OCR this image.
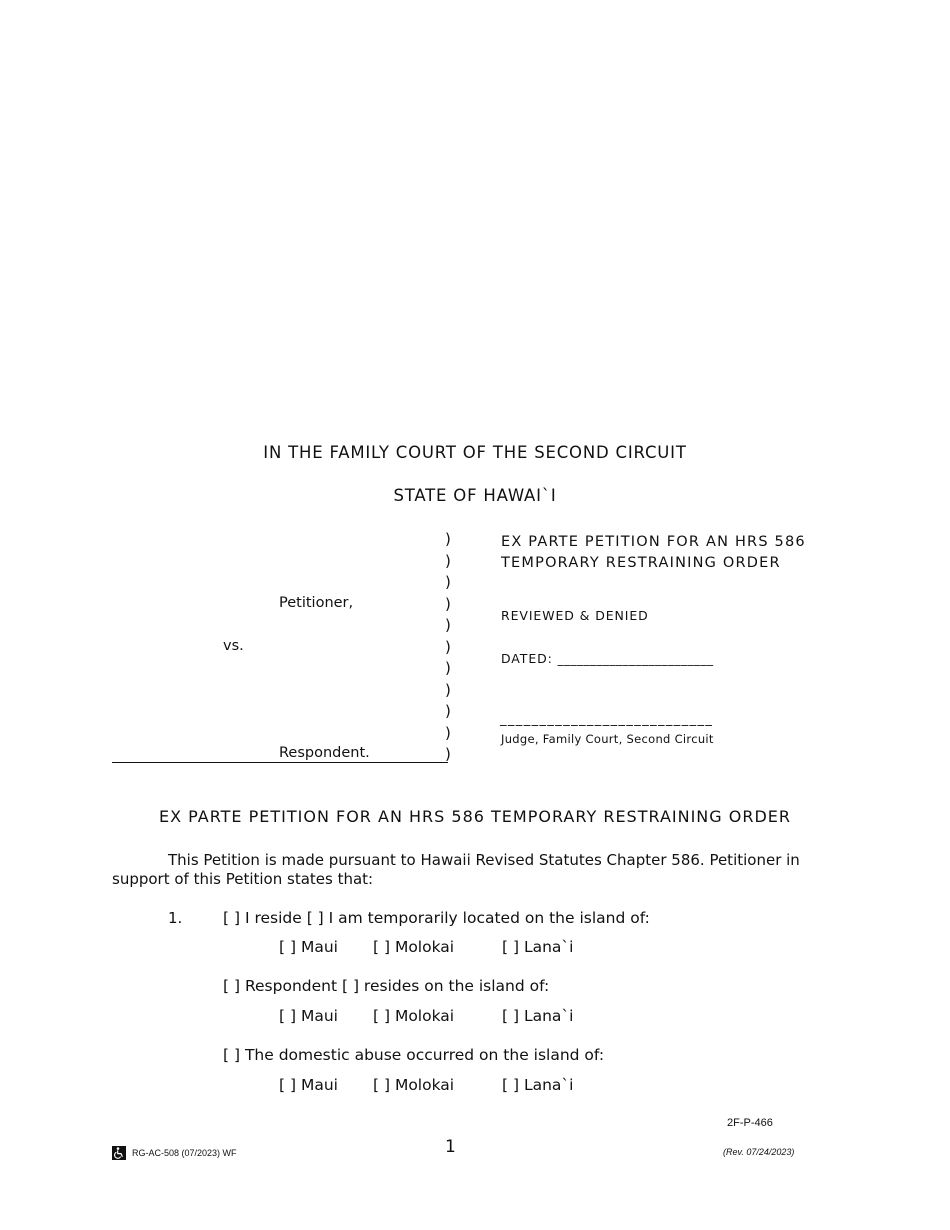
IN THE FAMILY COURT OF THE SECOND CIRCUIT
STATE OF HAWAI`I
)
)
)
)
)
)
)
)
)
)
)
Petitioner,
vs.
Respondent.
EX PARTE PETITION FOR AN HRS 586
TEMPORARY RESTRAINING ORDER
REVIEWED & DENIED
DATED: ________________________
___________________________
Judge, Family Court, Second Circuit
EX PARTE PETITION FOR AN HRS 586 TEMPORARY RESTRAINING ORDER
This Petition is made pursuant to Hawaii Revised Statutes Chapter 586. Petitioner in
support of this Petition states that:
1.	[ ] I reside [ ] I am temporarily located on the island of:
[ ] Maui [ ] Molokai	[ ] Lana`i
[ ] Respondent [ ] resides on the island of:
[ ] Maui [ ] Molokai	[ ] Lana`i
[ ] The domestic abuse occurred on the island of:
[ ] Maui [ ] Molokai	[ ] Lana`i
2F-P-466
1
RG-AC-508 (07/2023) WF	(Rev. 07/24/2023)
